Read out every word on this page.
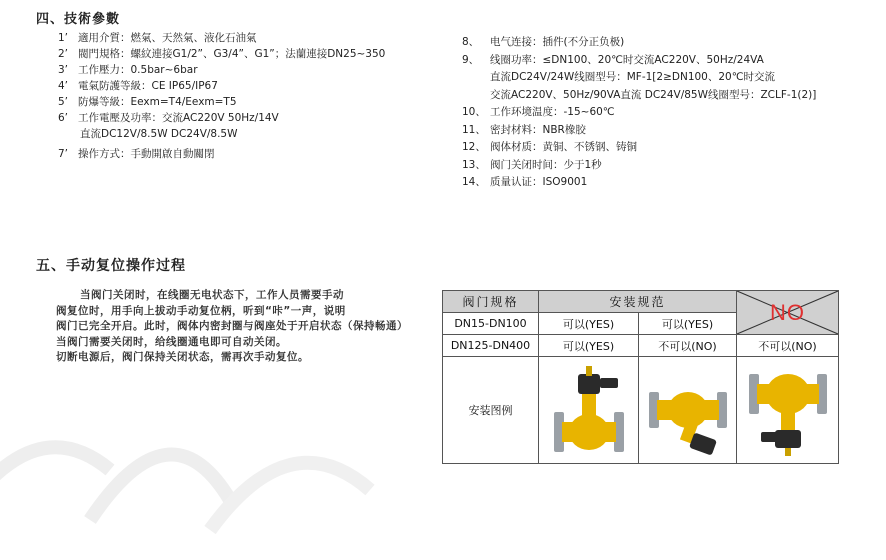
四、技術參數
1’ 適用介質：燃氣、天然氣、液化石油氣
2’ 閥門規格：螺紋連接G1/2”、G3/4”、G1”；法蘭連接DN25~350
3’ 工作壓力：0.5bar~6bar
4’ 電氣防護等級：CE IP65/IP67
5’ 防爆等級：Eexm=T4/Eexm=T5
6’ 工作電壓及功率：交流AC220V 50Hz/14V
直流DC12V/8.5W DC24V/8.5W
7’ 操作方式：手動開啟自動關閉
8、 电气连接：插件(不分正负极)
9、 线圈功率：≤DN100、20℃时交流AC220V、50Hz/24VA
直流DC24V/24W线圈型号：MF-1[2≥DN100、20℃时交流
交流AC220V、50Hz/90VA直流 DC24V/85W线圈型号：ZCLF-1(2)]
10、 工作环境温度：-15~60℃
11、 密封材料：NBR橡胶
12、 阀体材质：黄铜、不锈钢、铸铜
13、 阀门关闭时间：少于1秒
14、 质量认证：ISO9001
五、手动复位操作过程
当阀门关闭时，在线圈无电状态下，工作人员需要手动
阀复位时，用手向上拔动手动复位柄，听到“咔”一声，说明
阀门已完全开启。此时，阀体内密封圈与阀座处于开启状态（保持畅通）
当阀门需要关闭时，给线圈通电即可自动关闭。
切断电源后，阀门保持关闭状态，需再次手动复位。
阀门规格	安装规范		NO
DN15-DN100	可以(YES)	可以(YES)	
DN125-DN400	可以(YES)	不可以(NO)	不可以(NO)
安装图例	
